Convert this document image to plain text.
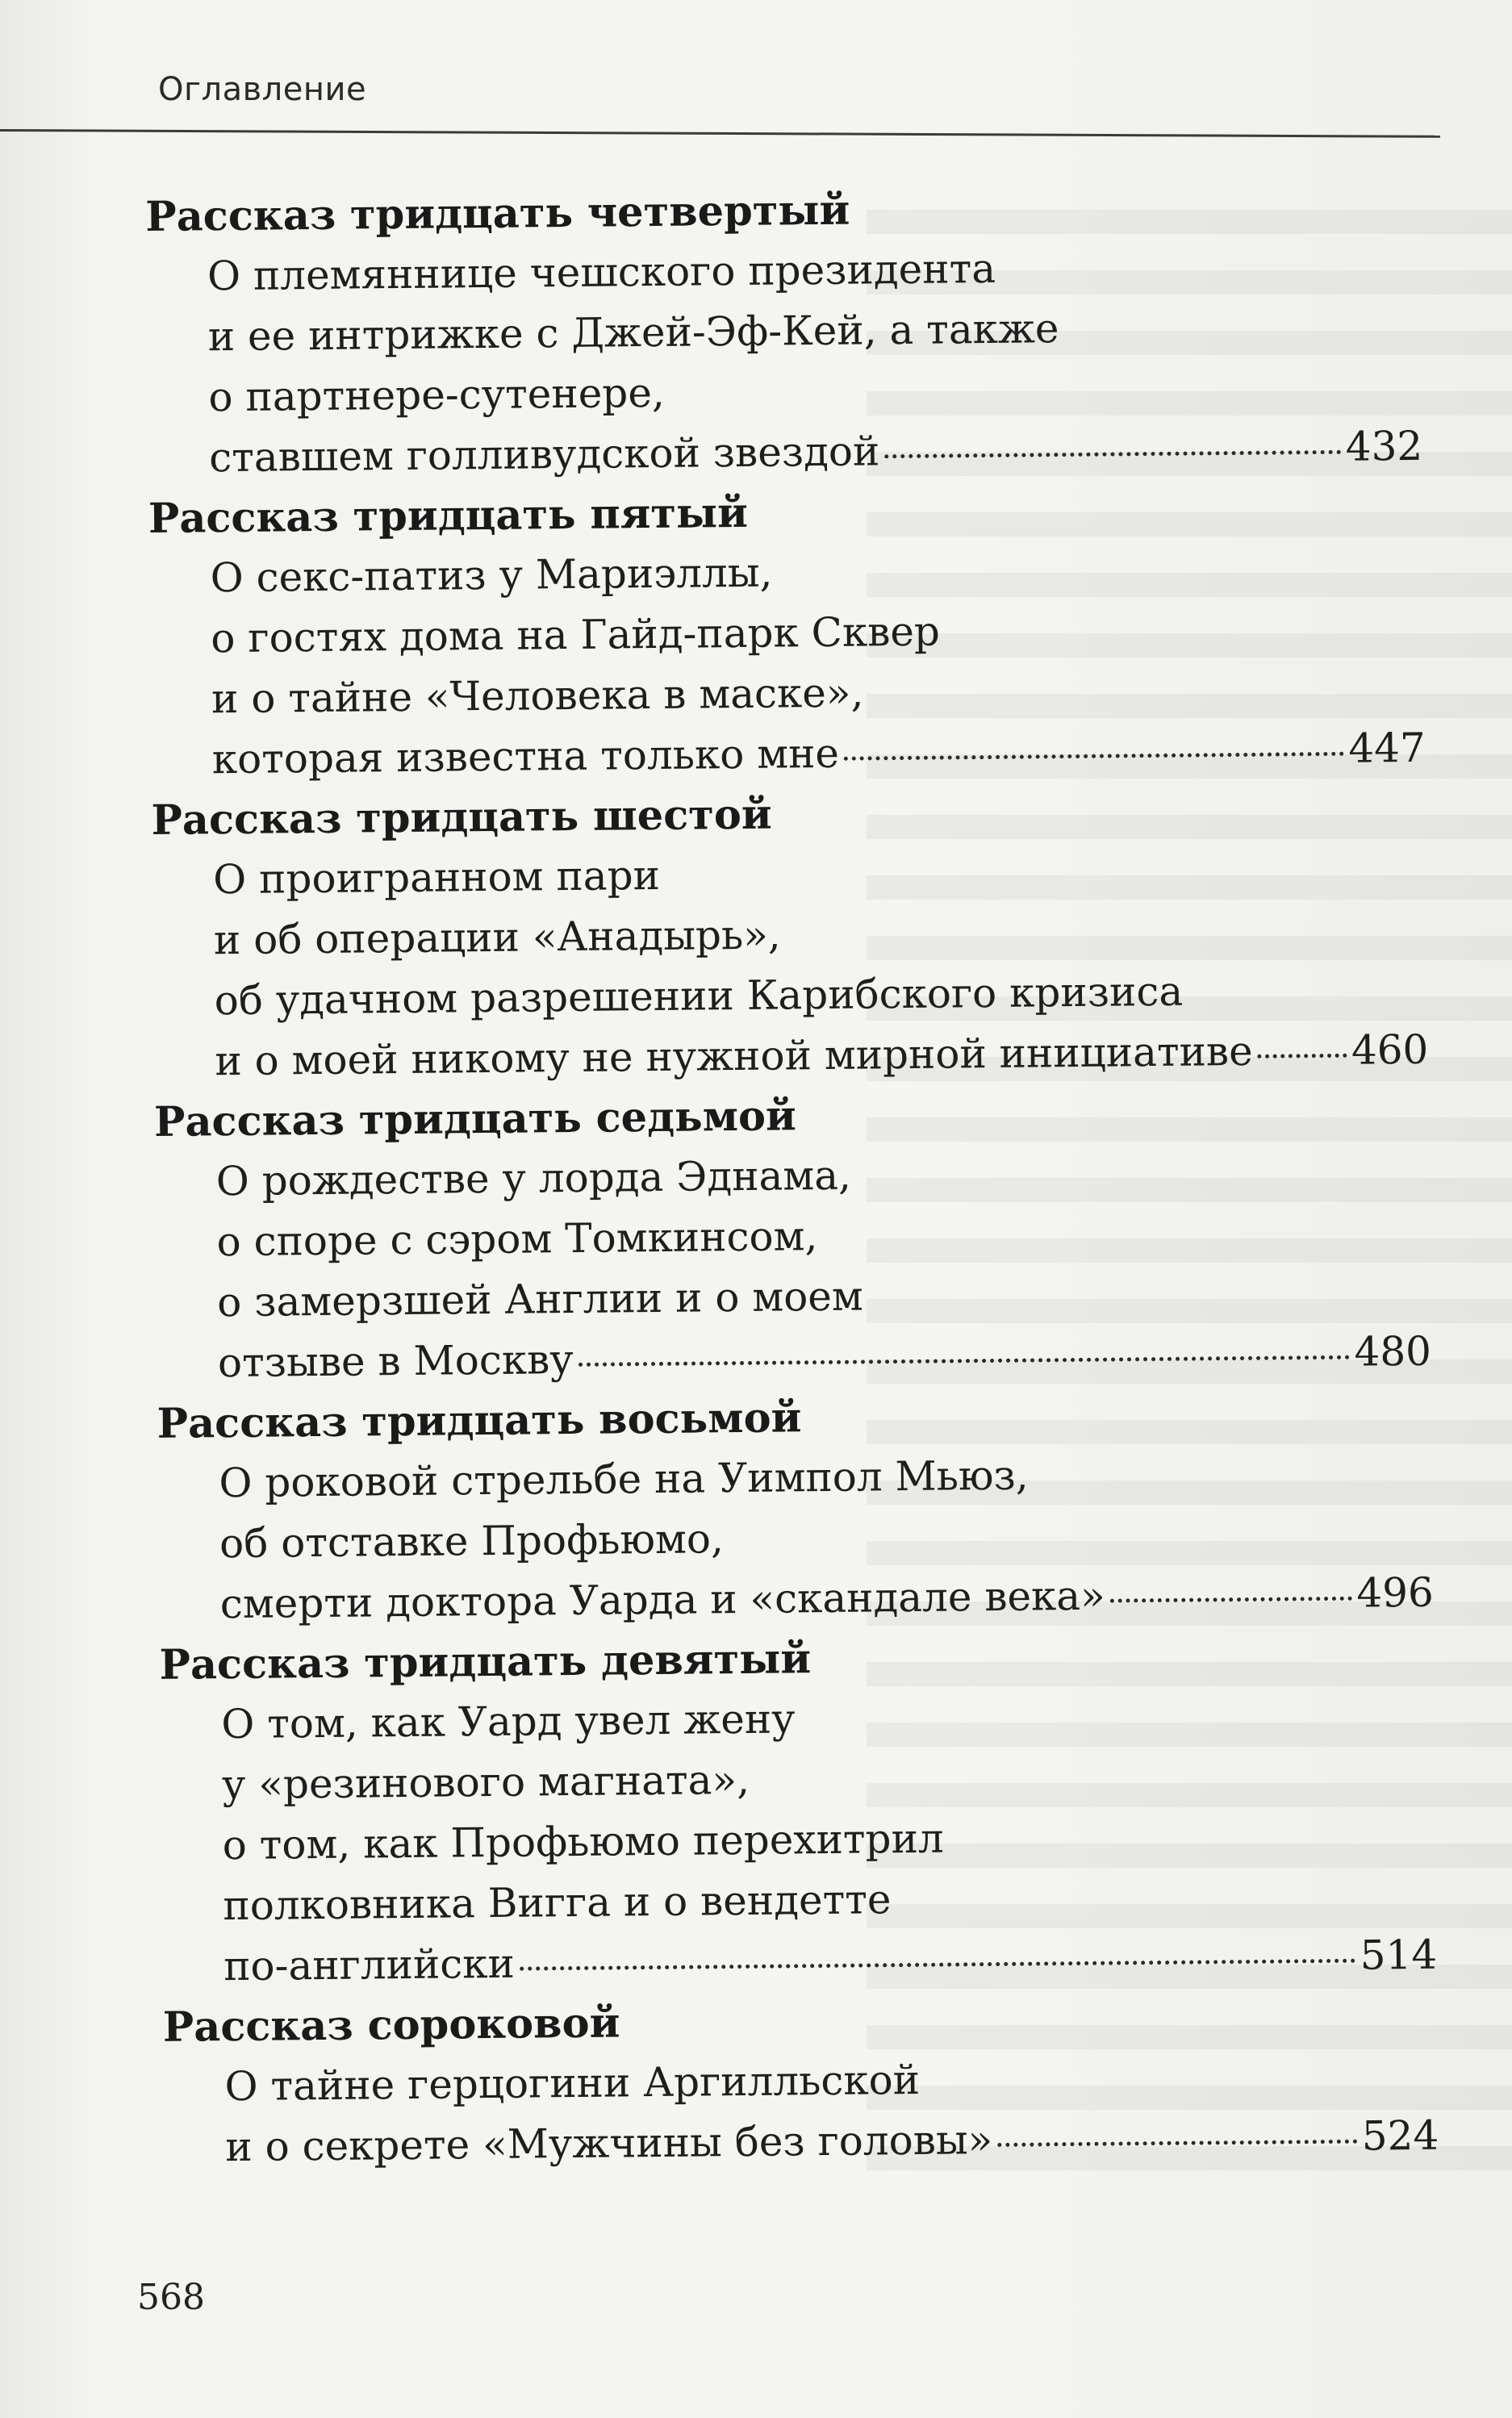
Оглавление
Рассказ тридцать четвертый
О племяннице чешского президента
и ее интрижке с Джей-Эф-Кей, а также
о партнере-сутенере,
ставшем голливудской звездой	432
Рассказ тридцать пятый
О секс-патиз у Мариэллы,
о гостях дома на Гайд-парк Сквер
и о тайне «Человека в маске»,
которая известна только мне	447
Рассказ тридцать шестой
О проигранном пари
и об операции «Анадырь»,
об удачном разрешении Карибского кризиса
и о моей никому не нужной мирной инициативе 460
Рассказ тридцать седьмой
О рождестве у лорда Эднама,
о споре с сэром Томкинсом,
о замерзшей Англии и о моем
отзыве в Москву	480
Рассказ тридцать восьмой
О роковой стрельбе на Уимпол Мьюз,
об отставке Профьюмо,
смерти доктора Уарда и «скандале века»	496
Рассказ тридцать девятый
О том, как Уард увел жену
у «резинового магната»,
о том, как Профьюмо перехитрил
полковника Вигга и о вендетте
по-английски	514
Рассказ сороковой
О тайне герцогини Аргилльской
и о секрете «Мужчины без головы»	524
568
